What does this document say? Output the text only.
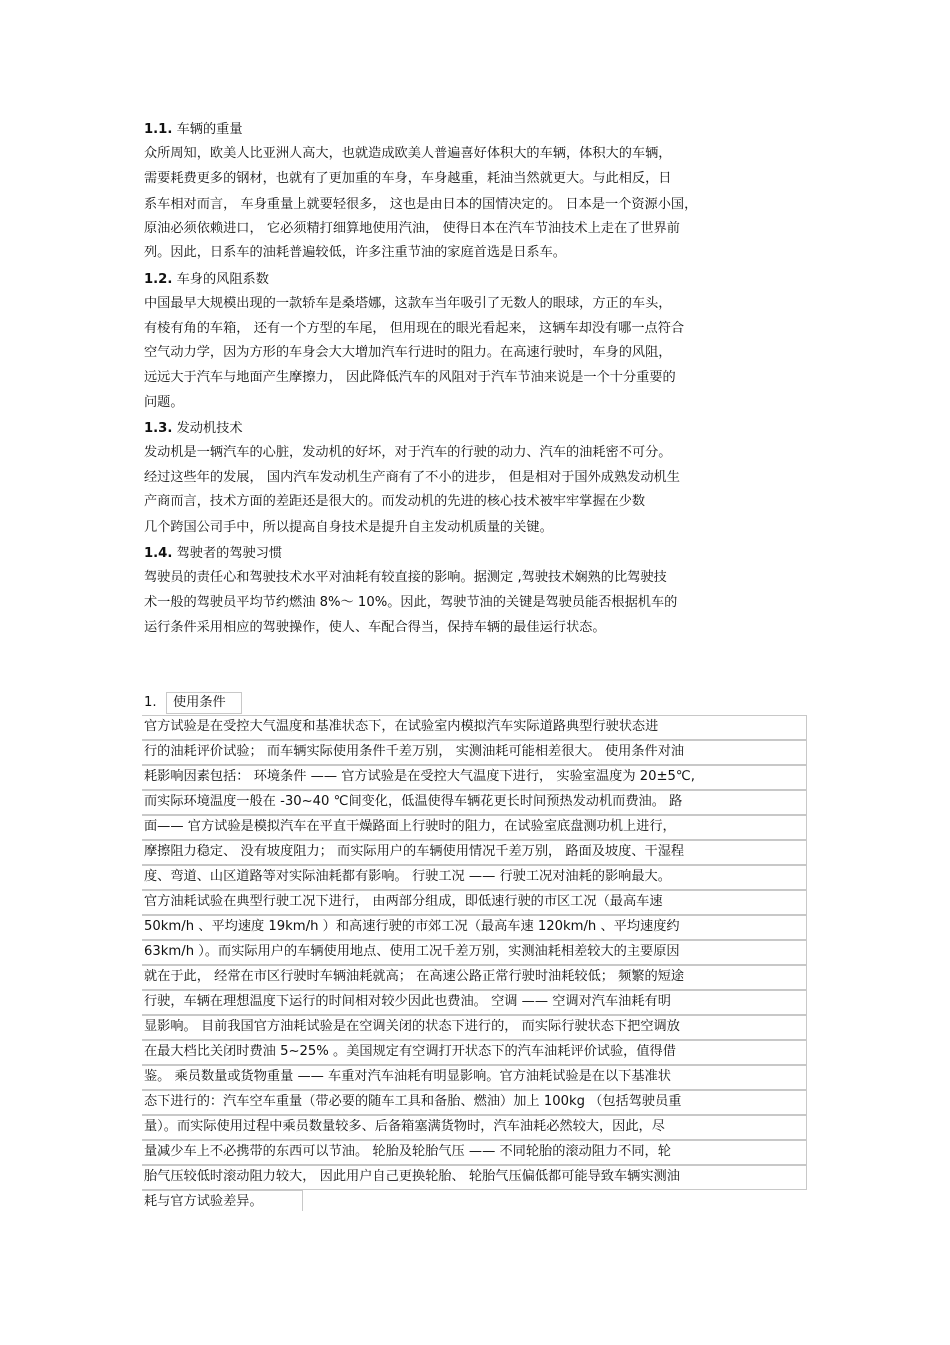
1.1. 车辆的重量
众所周知，欧美人比亚洲人高大，也就造成欧美人普遍喜好体积大的车辆，体积大的车辆，
需要耗费更多的钢材，也就有了更加重的车身，车身越重，耗油当然就更大。与此相反，日
系车相对而言， 车身重量上就要轻很多， 这也是由日本的国情决定的。 日本是一个资源小国，
原油必须依赖进口， 它必须精打细算地使用汽油， 使得日本在汽车节油技术上走在了世界前
列。因此，日系车的油耗普遍较低，许多注重节油的家庭首选是日系车。
1.2. 车身的风阻系数
中国最早大规模出现的一款轿车是桑塔娜，这款车当年吸引了无数人的眼球，方正的车头，
有棱有角的车箱， 还有一个方型的车尾， 但用现在的眼光看起来， 这辆车却没有哪一点符合
空气动力学，因为方形的车身会大大增加汽车行进时的阻力。在高速行驶时，车身的风阻，
远远大于汽车与地面产生摩擦力， 因此降低汽车的风阻对于汽车节油来说是一个十分重要的
问题。
1.3. 发动机技术
发动机是一辆汽车的心脏，发动机的好坏，对于汽车的行驶的动力、汽车的油耗密不可分。
经过这些年的发展， 国内汽车发动机生产商有了不小的进步， 但是相对于国外成熟发动机生
产商而言，技术方面的差距还是很大的。而发动机的先进的核心技术被牢牢掌握在少数
几个跨国公司手中，所以提高自身技术是提升自主发动机质量的关键。
1.4. 驾驶者的驾驶习惯
驾驶员的责任心和驾驶技术水平对油耗有较直接的影响。据测定 ,驾驶技术娴熟的比驾驶技
术一般的驾驶员平均节约燃油 8%～ 10%。因此，驾驶节油的关键是驾驶员能否根据机车的
运行条件采用相应的驾驶操作，使人、车配合得当，保持车辆的最佳运行状态。
1. 使用条件
官方试验是在受控大气温度和基准状态下，在试验室内模拟汽车实际道路典型行驶状态进
行的油耗评价试验； 而车辆实际使用条件千差万别， 实测油耗可能相差很大。 使用条件对油
耗影响因素包括： 环境条件 —— 官方试验是在受控大气温度下进行， 实验室温度为 20±5℃,
而实际环境温度一般在 -30~40 ℃间变化，低温使得车辆花更长时间预热发动机而费油。 路
面—— 官方试验是模拟汽车在平直干燥路面上行驶时的阻力，在试验室底盘测功机上进行，
摩擦阻力稳定、 没有坡度阻力； 而实际用户的车辆使用情况千差万别， 路面及坡度、干湿程
度、弯道、山区道路等对实际油耗都有影响。 行驶工况 —— 行驶工况对油耗的影响最大。
官方油耗试验在典型行驶工况下进行， 由两部分组成，即低速行驶的市区工况（最高车速
50km/h 、平均速度 19km/h ）和高速行驶的市郊工况（最高车速 120km/h 、平均速度约
63km/h ）。而实际用户的车辆使用地点、使用工况千差万别，实测油耗相差较大的主要原因
就在于此， 经常在市区行驶时车辆油耗就高； 在高速公路正常行驶时油耗较低； 频繁的短途
行驶，车辆在理想温度下运行的时间相对较少因此也费油。 空调 —— 空调对汽车油耗有明
显影响。 目前我国官方油耗试验是在空调关闭的状态下进行的， 而实际行驶状态下把空调放
在最大档比关闭时费油 5~25% 。美国规定有空调打开状态下的汽车油耗评价试验，值得借
鉴。 乘员数量或货物重量 —— 车重对汽车油耗有明显影响。官方油耗试验是在以下基准状
态下进行的：汽车空车重量（带必要的随车工具和备胎、燃油）加上 100kg （包括驾驶员重
量）。而实际使用过程中乘员数量较多、后备箱塞满货物时，汽车油耗必然较大，因此，尽
量减少车上不必携带的东西可以节油。 轮胎及轮胎气压 —— 不同轮胎的滚动阻力不同，轮
胎气压较低时滚动阻力较大， 因此用户自己更换轮胎、 轮胎气压偏低都可能导致车辆实测油
耗与官方试验差异。
